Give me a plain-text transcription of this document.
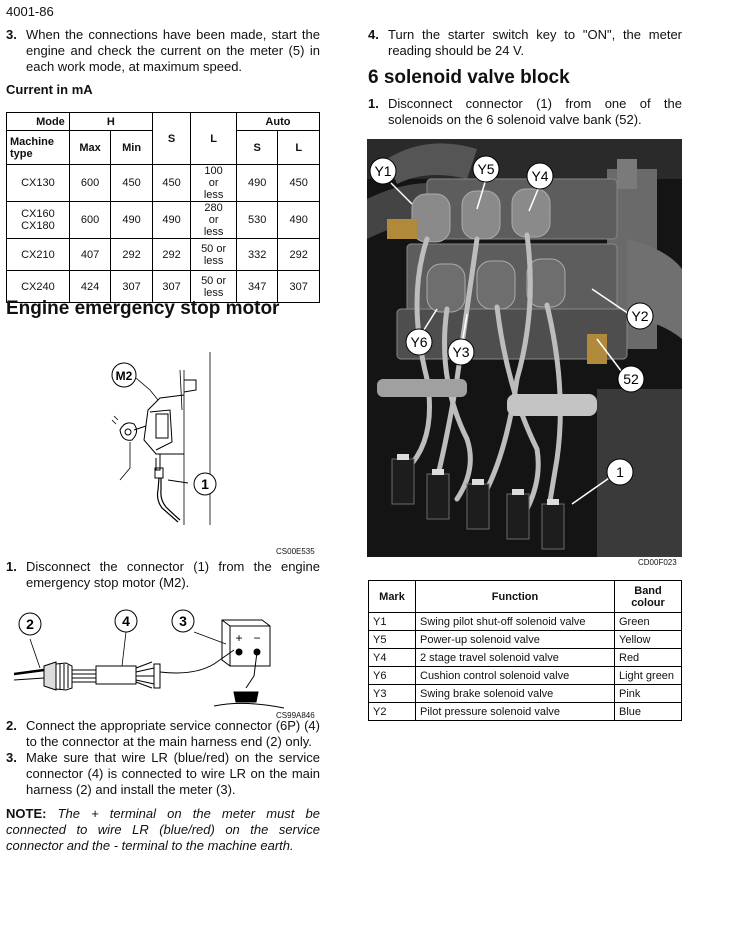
4001-86
3. When the connections have been made, start the engine and check the current on the meter (5) in each work mode, at maximum speed.
Current in mA
Mode	H		S	L	Auto	
Machine type	Max	Min			S	L
CX130	600	450	450	100 or less	490	450
CX160 CX180	600	490	490	280 or less	530	490
CX210	407	292	292	50 or less	332	292
CX240	424	307	307	50 or less	347	307
Engine emergency stop motor
M2
1
CS00E535
1. Disconnect the connector (1) from the engine emergency stop motor (M2).
+ −
2	4	3
CS99A846
2. Connect the appropriate service connector (6P) (4) to the connector at the main harness end (2) only.
3. Make sure that wire LR (blue/red) on the service connector (4) is connected to wire LR on the main harness (2) and install the meter (3).
NOTE: The + terminal on the meter must be connected to wire LR (blue/red) on the service connector and the - terminal to the machine earth.
4. Turn the starter switch key to "ON", the meter reading should be 24 V.
6 solenoid valve block
1. Disconnect connector (1) from one of the solenoids on the 6 solenoid valve bank (52).
Y1	Y5	Y4
Y2
Y6
Y3
52
1
CD00F023
Mark	Function	Band colour
Y1	Swing pilot shut-off solenoid valve	Green
Y5	Power-up solenoid valve	Yellow
Y4	2 stage travel solenoid valve	Red
Y6	Cushion control solenoid valve	Light green
Y3	Swing brake solenoid valve	Pink
Y2	Pilot pressure solenoid valve	Blue
